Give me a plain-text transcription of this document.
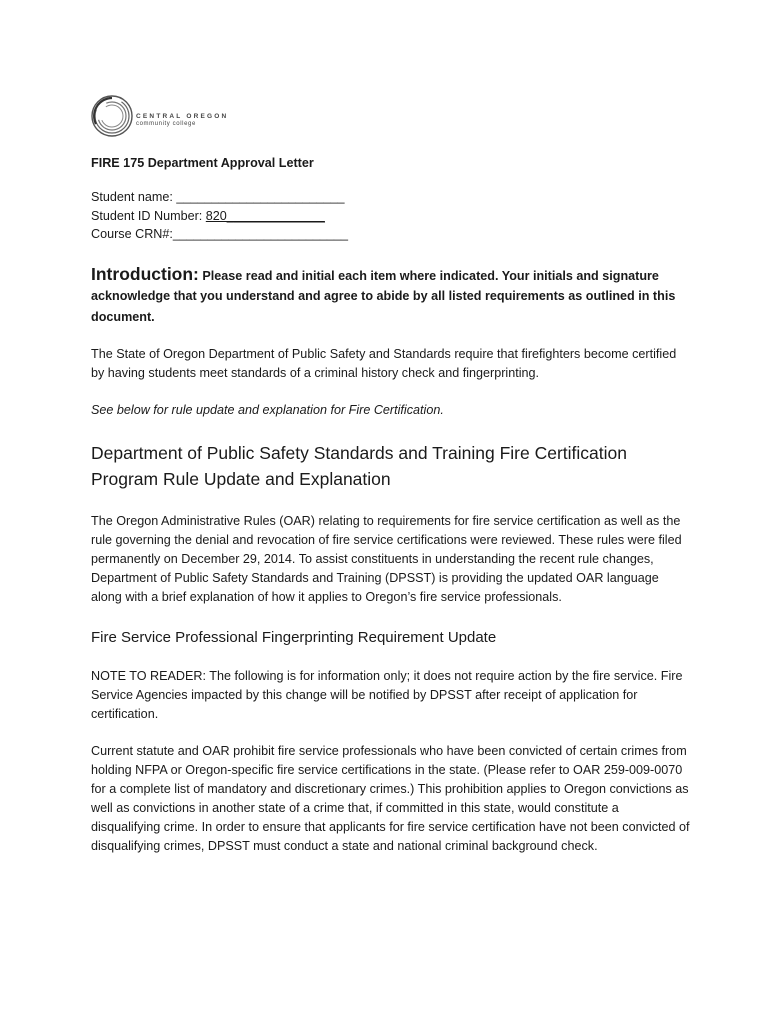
CENTRAL OREGON
community college

FIRE 175 Department Approval Letter

Student name: ________________________

Student ID Number: 820______________

Course CRN#:_________________________

Introduction: Please read and initial each item where indicated. Your initials and signature acknowledge that you understand and agree to abide by all listed requirements as outlined in this document.

The State of Oregon Department of Public Safety and Standards require that firefighters become certified by having students meet standards of a criminal history check and fingerprinting.

See below for rule update and explanation for Fire Certification.

Department of Public Safety Standards and Training Fire Certification Program Rule Update and Explanation

The Oregon Administrative Rules (OAR) relating to requirements for fire service certification as well as the rule governing the denial and revocation of fire service certifications were reviewed. These rules were filed permanently on December 29, 2014. To assist constituents in understanding the recent rule changes, Department of Public Safety Standards and Training (DPSST) is providing the updated OAR language along with a brief explanation of how it applies to Oregon’s fire service professionals.

Fire Service Professional Fingerprinting Requirement Update

NOTE TO READER: The following is for information only; it does not require action by the fire service. Fire Service Agencies impacted by this change will be notified by DPSST after receipt of application for certification.

Current statute and OAR prohibit fire service professionals who have been convicted of certain crimes from holding NFPA or Oregon-specific fire service certifications in the state. (Please refer to OAR 259-009-0070 for a complete list of mandatory and discretionary crimes.) This prohibition applies to Oregon convictions as well as convictions in another state of a crime that, if committed in this state, would constitute a disqualifying crime. In order to ensure that applicants for fire service certification have not been convicted of disqualifying crimes, DPSST must conduct a state and national criminal background check.
